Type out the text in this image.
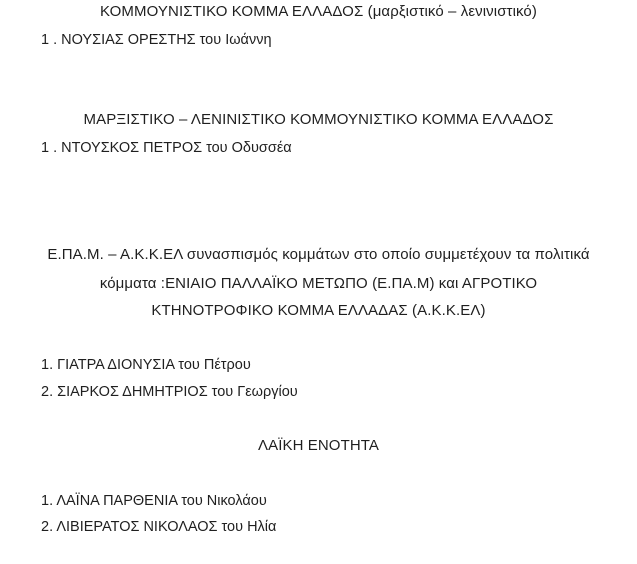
ΚΟΜΜΟΥΝΙΣΤΙΚΟ ΚΟΜΜΑ ΕΛΛΑΔΟΣ (μαρξιστικό – λενινιστικό)
1 . ΝΟΥΣΙΑΣ ΟΡΕΣΤΗΣ του Ιωάννη
ΜΑΡΞΙΣΤΙΚΟ – ΛΕΝΙΝΙΣΤΙΚΟ ΚΟΜΜΟΥΝΙΣΤΙΚΟ ΚΟΜΜΑ ΕΛΛΑΔΟΣ
1 . ΝΤΟΥΣΚΟΣ ΠΕΤΡΟΣ του Οδυσσέα
Ε.ΠΑ.Μ. – Α.Κ.Κ.ΕΛ συνασπισμός κομμάτων στο οποίο συμμετέχουν τα πολιτικά
κόμματα :ΕΝΙΑΙΟ ΠΑΛΛΑΪΚΟ ΜΕΤΩΠΟ (Ε.ΠΑ.Μ) και ΑΓΡΟΤΙΚΟ
ΚΤΗΝΟΤΡΟΦΙΚΟ ΚΟΜΜΑ ΕΛΛΑΔΑΣ (Α.Κ.Κ.ΕΛ)
1. ΓΙΑΤΡΑ ΔΙΟΝΥΣΙΑ του Πέτρου
2. ΣΙΑΡΚΟΣ ΔΗΜΗΤΡΙΟΣ του Γεωργίου
ΛΑΪΚΗ ΕΝΟΤΗΤΑ
1. ΛΑΪΝΑ ΠΑΡΘΕΝΙΑ του Νικολάου
2. ΛΙΒΙΕΡΑΤΟΣ ΝΙΚΟΛΑΟΣ του Ηλία
